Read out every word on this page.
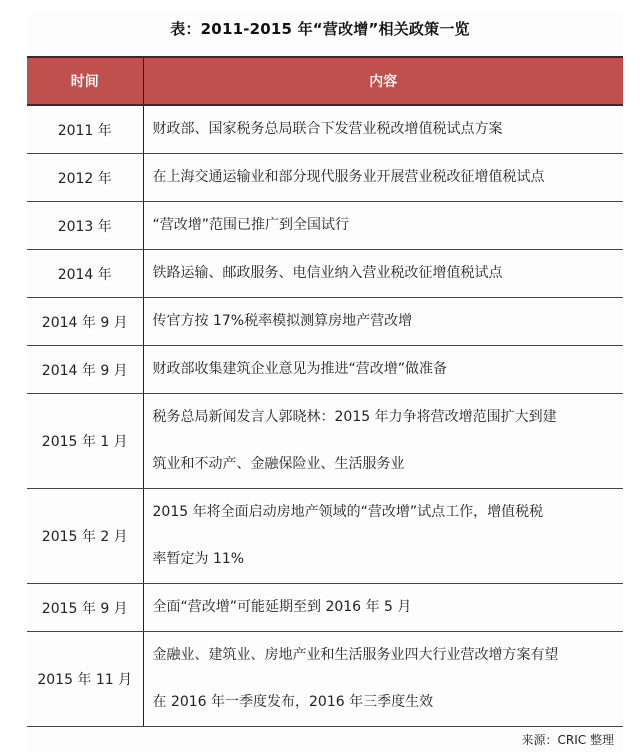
表：2011-2015 年“营改增”相关政策一览
时间	内容
2011 年	财政部、国家税务总局联合下发营业税改增值税试点方案

2012 年	在上海交通运输业和部分现代服务业开展营业税改征增值税试点

2013 年	“营改增”范围已推广到全国试行

2014 年	铁路运输、邮政服务、电信业纳入营业税改征增值税试点

2014 年 9 月	传官方按 17%税率模拟测算房地产营改增

2014 年 9 月	财政部收集建筑企业意见为推进“营改增”做准备

2015 年 1 月	税务总局新闻发言人郭晓林：2015 年力争将营改增范围扩大到建
筑业和不动产、金融保险业、生活服务业

2015 年 2 月	2015 年将全面启动房地产领域的“营改增”试点工作，增值税税
率暂定为 11%

2015 年 9 月	全面“营改增”可能延期至到 2016 年 5 月

2015 年 11 月	金融业、建筑业、房地产业和生活服务业四大行业营改增方案有望
在 2016 年一季度发布，2016 年三季度生效
来源：CRIC 整理
